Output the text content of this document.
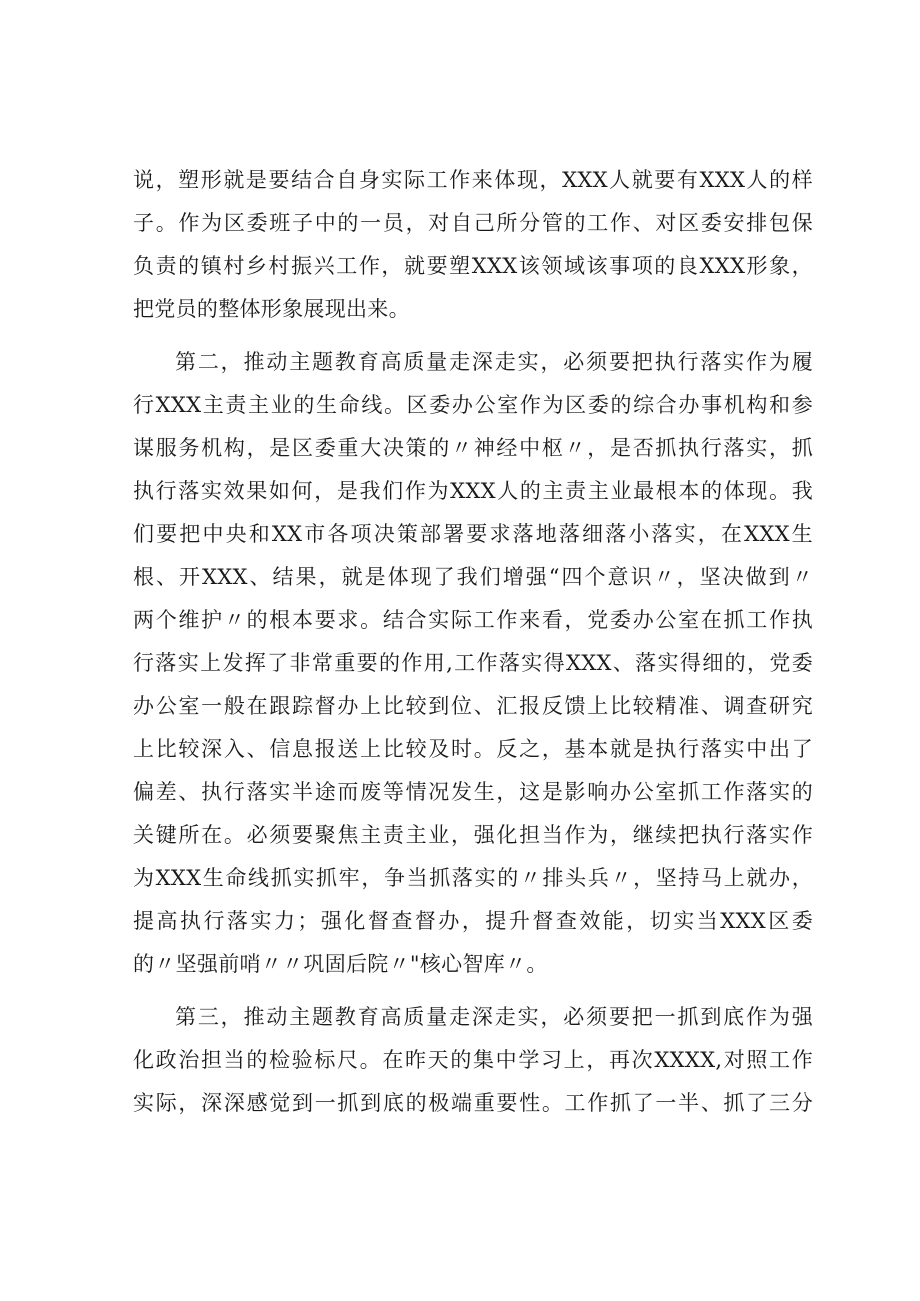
说，塑形就是要结合自身实际工作来体现，XXX人就要有XXX人的样
子。作为区委班子中的一员，对自己所分管的工作、对区委安排包保
负责的镇村乡村振兴工作，就要塑XXX该领域该事项的良XXX形象，
把党员的整体形象展现出来。
第二，推动主题教育高质量走深走实，必须要把执行落实作为履
行XXX主责主业的生命线。区委办公室作为区委的综合办事机构和参
谋服务机构，是区委重大决策的〃神经中枢〃，是否抓执行落实，抓
执行落实效果如何，是我们作为XXX人的主责主业最根本的体现。我
们要把中央和XX市各项决策部署要求落地落细落小落实，在XXX生
根、开XXX、结果，就是体现了我们增强“四个意识〃，坚决做到〃
两个维护〃的根本要求。结合实际工作来看，党委办公室在抓工作执
行落实上发挥了非常重要的作用,工作落实得XXX、落实得细的，党委
办公室一般在跟踪督办上比较到位、汇报反馈上比较精准、调查研究
上比较深入、信息报送上比较及时。反之，基本就是执行落实中出了
偏差、执行落实半途而废等情况发生，这是影响办公室抓工作落实的
关键所在。必须要聚焦主责主业，强化担当作为，继续把执行落实作
为XXX生命线抓实抓牢，争当抓落实的〃排头兵〃，坚持马上就办，
提高执行落实力；强化督查督办，提升督查效能，切实当XXX区委
的〃坚强前哨〃〃巩固后院〃"核心智库〃。
第三，推动主题教育高质量走深走实，必须要把一抓到底作为强
化政治担当的检验标尺。在昨天的集中学习上，再次XXXX,对照工作
实际，深深感觉到一抓到底的极端重要性。工作抓了一半、抓了三分
